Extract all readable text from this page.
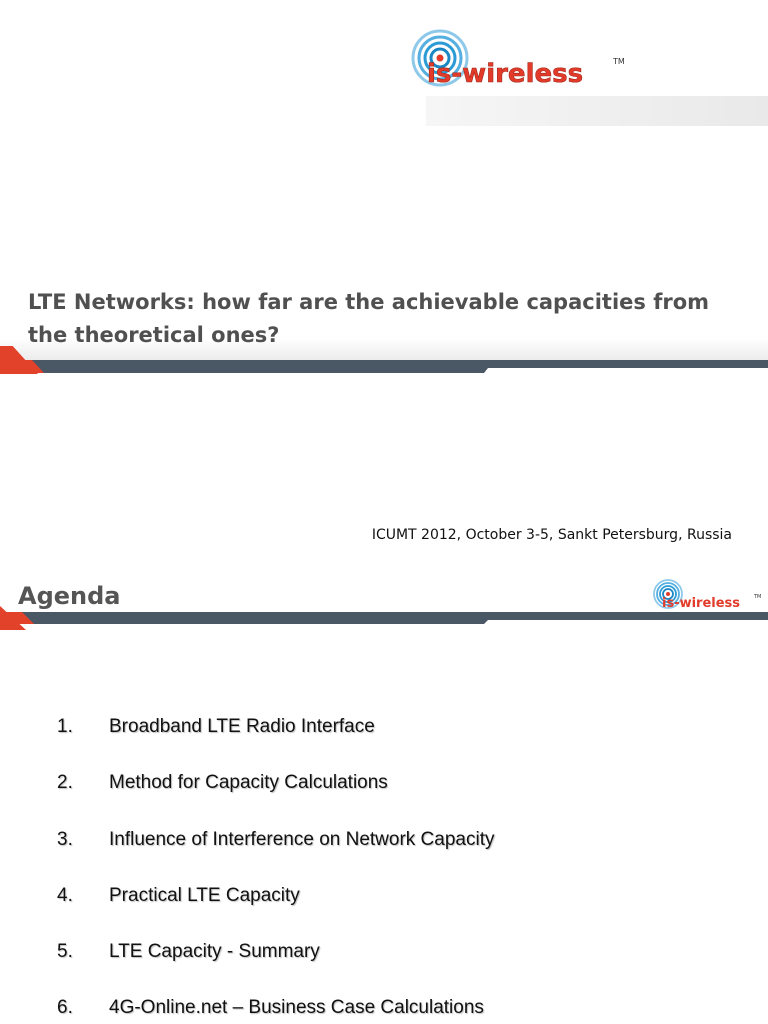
is-wireless	TM
LTE Networks: how far are the achievable capacities from the theoretical ones?
ICUMT 2012, October 3-5, Sankt Petersburg, Russia
Agenda	is-wireless	TM
1. Broadband LTE Radio Interface
2. Method for Capacity Calculations
3. Influence of Interference on Network Capacity
4. Practical LTE Capacity
5. LTE Capacity - Summary
6. 4G-Online.net – Business Case Calculations
